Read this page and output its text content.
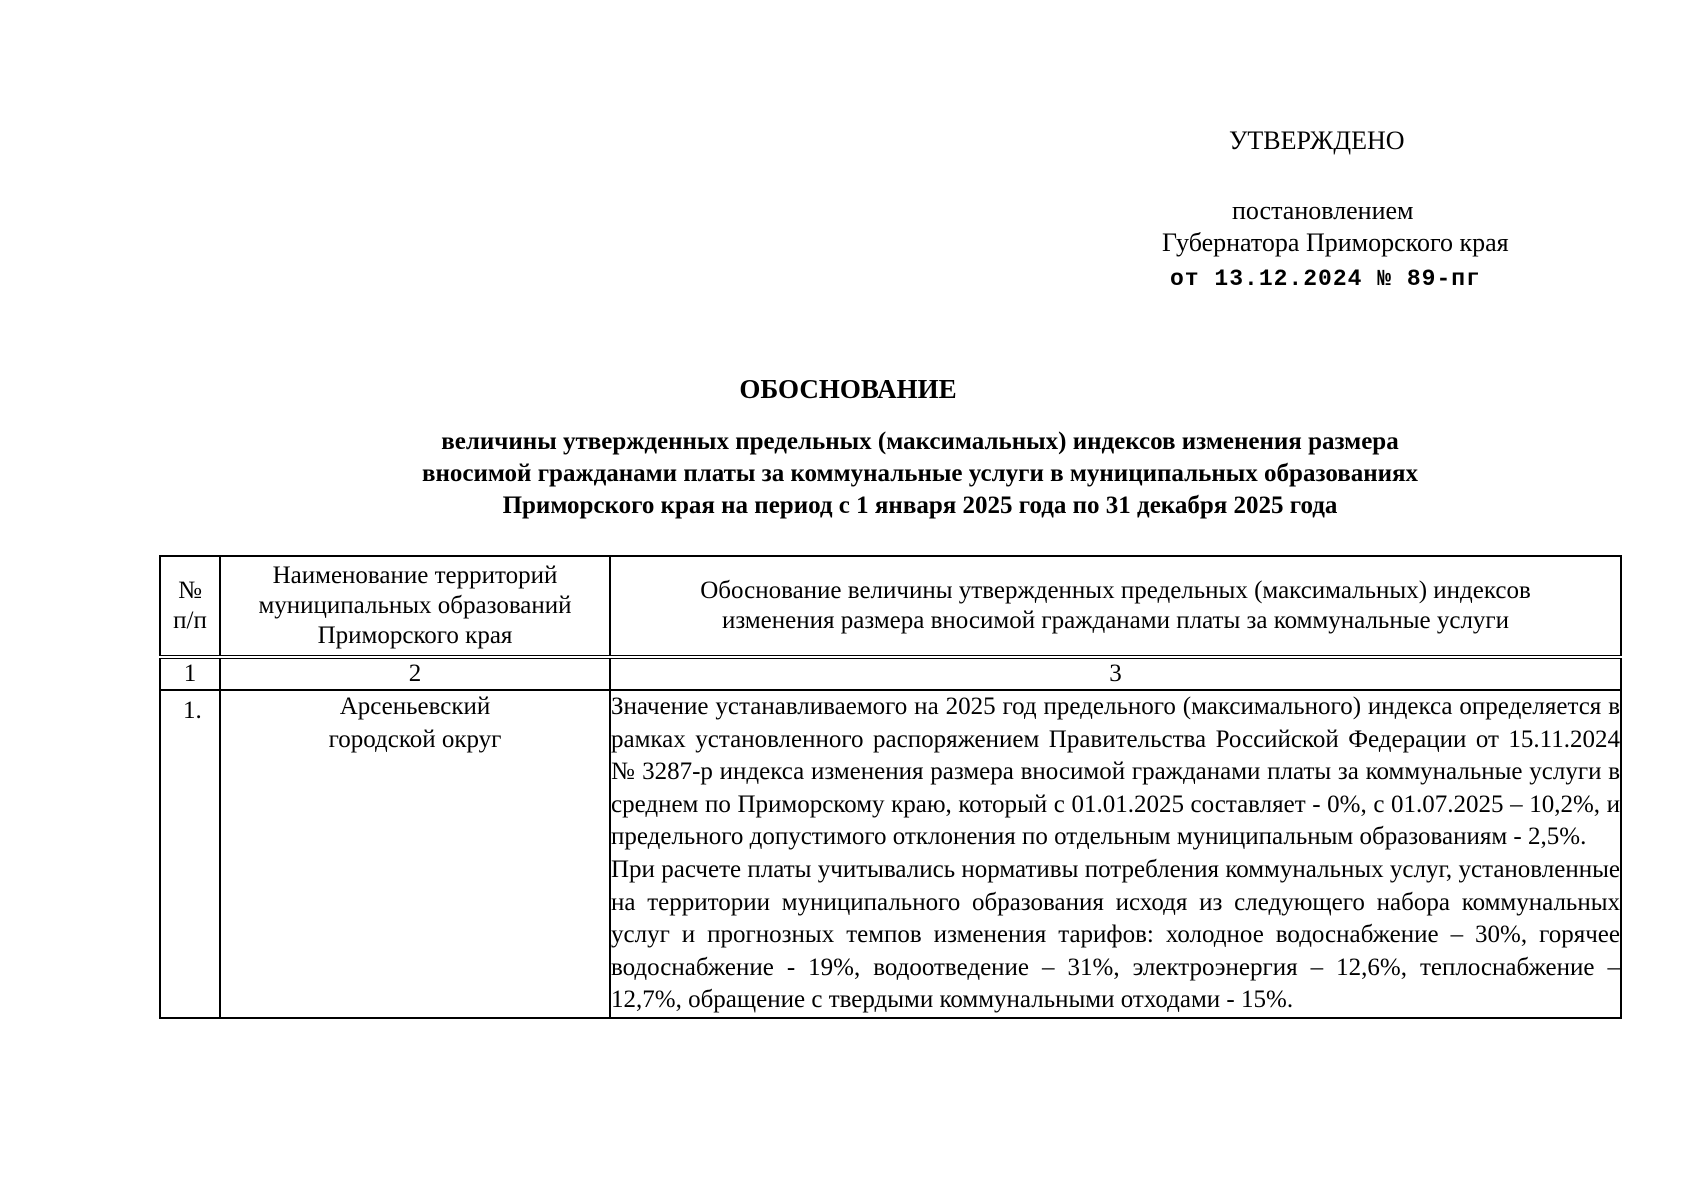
УТВЕРЖДЕНО
постановлением
Губернатора Приморского края
от 13.12.2024 № 89-пг
ОБОСНОВАНИЕ
величины утвержденных предельных (максимальных) индексов изменения размера
вносимой гражданами платы за коммунальные услуги в муниципальных образованиях
Приморского края на период с 1 января 2025 года по 31 декабря 2025 года
№ п/п	Наименование территорий муниципальных образований Приморского края	Обоснование величины утвержденных предельных (максимальных) индексов изменения размера вносимой гражданами платы за коммунальные услуги
1	2	3

1.	Арсеньевский городской округ	Значение устанавливаемого на 2025 год предельного (максимального) индекса определяется в рамках установленного распоряжением Правительства Российской Федерации от 15.11.2024 № 3287-р индекса изменения размера вносимой гражданами платы за коммунальные услуги в среднем по Приморскому краю, который с 01.01.2025 составляет - 0%, с 01.07.2025 – 10,2%, и предельного допустимого отклонения по отдельным муниципальным образованиям - 2,5%.

При расчете платы учитывались нормативы потребления коммунальных услуг, установленные на территории муниципального образования исходя из следующего набора коммунальных услуг и прогнозных темпов изменения тарифов: холодное водоснабжение – 30%, горячее водоснабжение - 19%, водоотведение – 31%, электроэнергия – 12,6%, теплоснабжение – 12,7%, обращение с твердыми коммунальными отходами - 15%.
